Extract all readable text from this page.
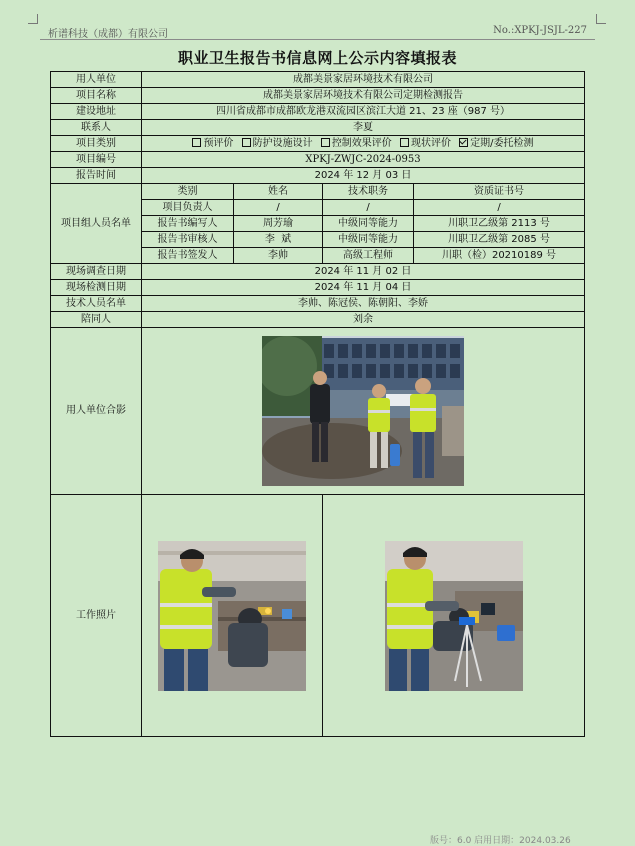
析谱科技（成都）有限公司	No.:XPKJ-JSJL-227
职业卫生报告书信息网上公示内容填报表
用人单位	成都美景家居环境技术有限公司			
项目名称	成都美景家居环境技术有限公司定期检测报告			
建设地址	四川省成都市成都欧龙港双流园区滨江大道 21、23 座（987 号）			
联系人	李夏			
项目类别	预评价 防护设施设计 控制效果评价 现状评价 定期/委托检测			
项目编号	XPKJ-ZWJC-2024-0953			
报告时间	2024 年 12 月 03 日			
项目组人员名单	类别	姓名	技术职务	资质证书号
	项目负责人	/	/	/
	报告书编写人	周芳瑜	中级同等能力	川职卫乙级第 2113 号
	报告书审核人	李  斌	中级同等能力	川职卫乙级第 2085 号
	报告书签发人	李帅	高级工程师	川职（检）20210189 号
现场调查日期	2024 年 11 月 02 日			
现场检测日期	2024 年 11 月 04 日			
技术人员名单	李帅、陈冠侯、陈朝阳、李娇			
陪同人	刘余			
用人单位合影	

工作照片	

版号：6.0 启用日期：2024.03.26
